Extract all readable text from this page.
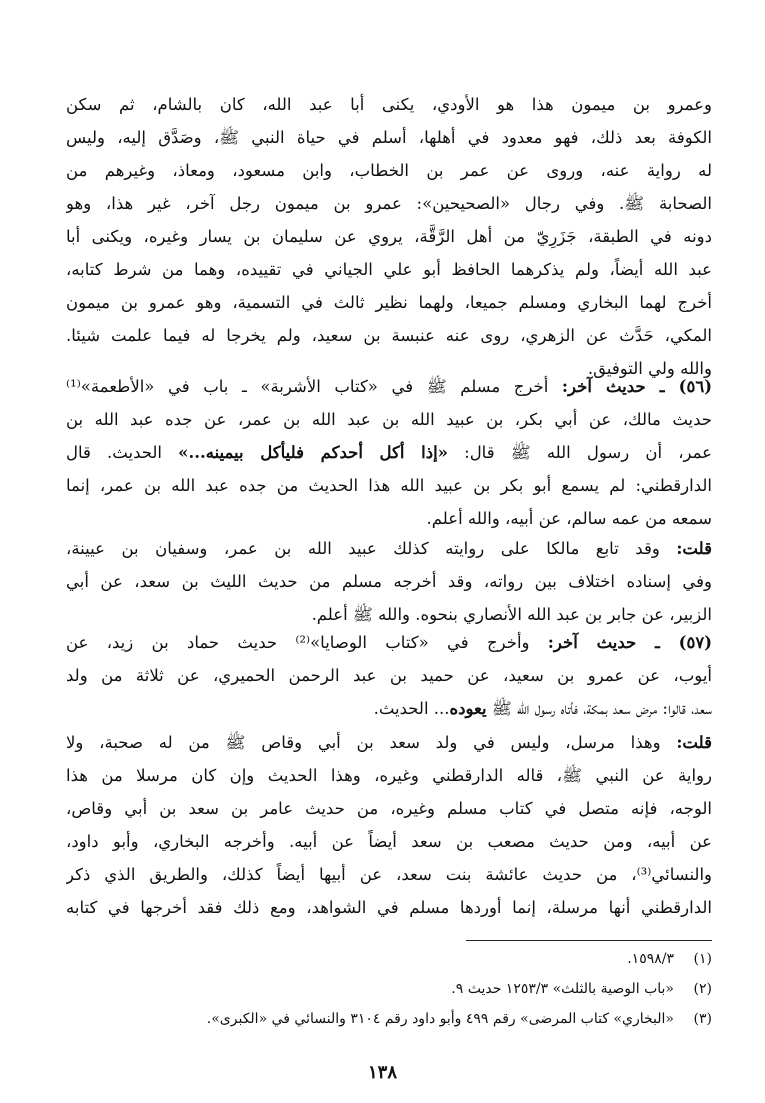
وعمرو بن ميمون هذا هو الأودي، يكنى أبا عبد الله، كان بالشام، ثم سكن
الكوفة بعد ذلك، فهو معدود في أهلها، أسلم في حياة النبي ﷺ، وصَدَّق إليه، وليس
له رواية عنه، وروى عن عمر بن الخطاب، وابن مسعود، ومعاذ، وغيرهم من
الصحابة ﷺ. وفي رجال «الصحيحين»: عمرو بن ميمون رجل آخر، غير هذا، وهو
دونه في الطبقة، جَزَرِيّ من أهل الرَّقَّة، يروي عن سليمان بن يسار وغيره، ويكنى أبا
عبد الله أيضاً، ولم يذكرهما الحافظ أبو علي الجياني في تقييده، وهما من شرط كتابه،
أخرج لهما البخاري ومسلم جميعا، ولهما نظير ثالث في التسمية، وهو عمرو بن ميمون
المكي، حَدَّث عن الزهري، روى عنه عنبسة بن سعيد، ولم يخرجا له فيما علمت شيئا.
والله ولي التوفيق.
(٥٦) ـ حديث آخر: أخرج مسلم ﷺ في «كتاب الأشربة» ـ باب في «الأطعمة»⁽¹⁾
حديث مالك، عن أبي بكر، بن عبيد الله بن عبد الله بن عمر، عن جده عبد الله بن
عمر، أن رسول الله ﷺ قال: «إذا أكل أحدكم فليأكل بيمينه...» الحديث. قال
الدارقطني: لم يسمع أبو بكر بن عبيد الله هذا الحديث من جده عبد الله بن عمر، إنما
سمعه من عمه سالم، عن أبيه، والله أعلم.
قلت: وقد تابع مالكا على روايته كذلك عبيد الله بن عمر، وسفيان بن عيينة،
وفي إسناده اختلاف بين رواته، وقد أخرجه مسلم من حديث الليث بن سعد، عن أبي
الزبير، عن جابر بن عبد الله الأنصاري بنحوه. والله ﷺ أعلم.
(٥٧) ـ حديث آخر: وأخرج في «كتاب الوصايا»⁽²⁾ حديث حماد بن زيد، عن
أيوب، عن عمرو بن سعيد، عن حميد بن عبد الرحمن الحميري، عن ثلاثة من ولد
سعد، قالوا: مرض سعد بمكة، فأتاه رسول الله ﷺ يعوده... الحديث.
قلت: وهذا مرسل، وليس في ولد سعد بن أبي وقاص ﷺ من له صحبة، ولا
رواية عن النبي ﷺ، قاله الدارقطني وغيره، وهذا الحديث وإن كان مرسلا من هذا
الوجه، فإنه متصل في كتاب مسلم وغيره، من حديث عامر بن سعد بن أبي وقاص،
عن أبيه، ومن حديث مصعب بن سعد أيضاً عن أبيه. وأخرجه البخاري، وأبو داود،
والنسائي⁽³⁾، من حديث عائشة بنت سعد، عن أبيها أيضاً كذلك، والطريق الذي ذكر
الدارقطني أنها مرسلة، إنما أوردها مسلم في الشواهد، ومع ذلك فقد أخرجها في كتابه
(١)١٥٩٨/٣.
(٢)«باب الوصية بالثلث» ١٢٥٣/٣ حديث ٩.
(٣)«البخاري» كتاب المرضى» رقم ٤٩٩ وأبو داود رقم ٣١٠٤ والنسائي في «الكبرى».
١٣٨
